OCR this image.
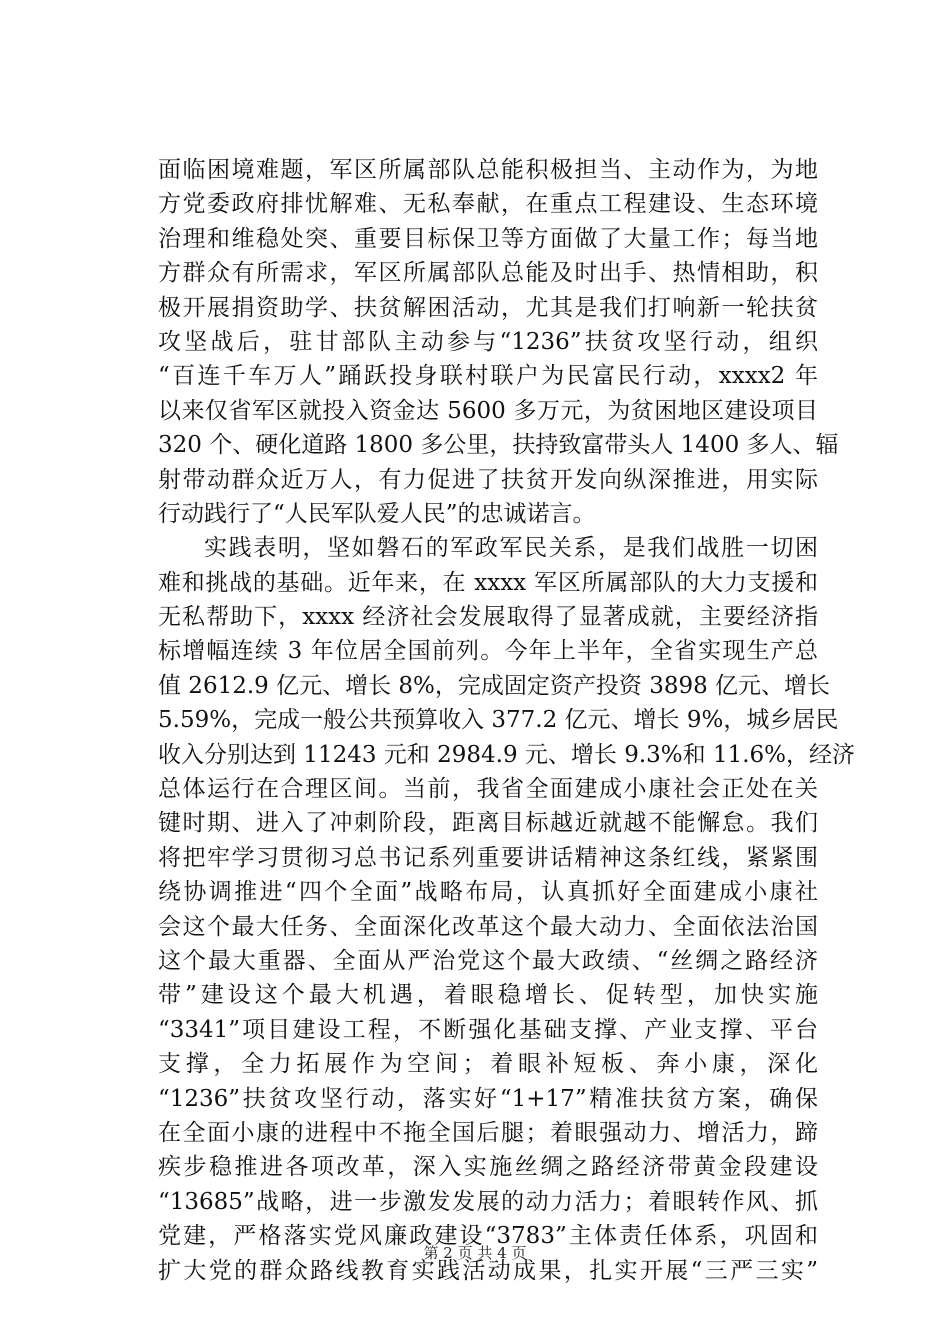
面临困境难题，军区所属部队总能积极担当、主动作为，为地
方党委政府排忧解难、无私奉献，在重点工程建设、生态环境
治理和维稳处突、重要目标保卫等方面做了大量工作；每当地
方群众有所需求，军区所属部队总能及时出手、热情相助，积
极开展捐资助学、扶贫解困活动，尤其是我们打响新一轮扶贫
攻坚战后，驻甘部队主动参与“1236”扶贫攻坚行动，组织
“百连千车万人”踊跃投身联村联户为民富民行动，xxxx2 年
以来仅省军区就投入资金达 5600 多万元，为贫困地区建设项目
320 个、硬化道路 1800 多公里，扶持致富带头人 1400 多人、辐
射带动群众近万人，有力促进了扶贫开发向纵深推进，用实际
行动践行了“人民军队爱人民”的忠诚诺言。
实践表明，坚如磐石的军政军民关系，是我们战胜一切困
难和挑战的基础。近年来，在 xxxx 军区所属部队的大力支援和
无私帮助下，xxxx 经济社会发展取得了显著成就，主要经济指
标增幅连续 3 年位居全国前列。今年上半年，全省实现生产总
值 2612.9 亿元、增长 8%，完成固定资产投资 3898 亿元、增长
5.59%，完成一般公共预算收入 377.2 亿元、增长 9%，城乡居民
收入分别达到 11243 元和 2984.9 元、增长 9.3%和 11.6%，经济
总体运行在合理区间。当前，我省全面建成小康社会正处在关
键时期、进入了冲刺阶段，距离目标越近就越不能懈怠。我们
将把牢学习贯彻习总书记系列重要讲话精神这条红线，紧紧围
绕协调推进“四个全面”战略布局，认真抓好全面建成小康社
会这个最大任务、全面深化改革这个最大动力、全面依法治国
这个最大重器、全面从严治党这个最大政绩、“丝绸之路经济
带”建设这个最大机遇，着眼稳增长、促转型，加快实施
“3341”项目建设工程，不断强化基础支撑、产业支撑、平台
支撑，全力拓展作为空间；着眼补短板、奔小康，深化
“1236”扶贫攻坚行动，落实好“1+17”精准扶贫方案，确保
在全面小康的进程中不拖全国后腿；着眼强动力、增活力，蹄
疾步稳推进各项改革，深入实施丝绸之路经济带黄金段建设
“13685”战略，进一步激发发展的动力活力；着眼转作风、抓
党建，严格落实党风廉政建设“3783”主体责任体系，巩固和
扩大党的群众路线教育实践活动成果，扎实开展“三严三实”
第 2 页 共 4 页
